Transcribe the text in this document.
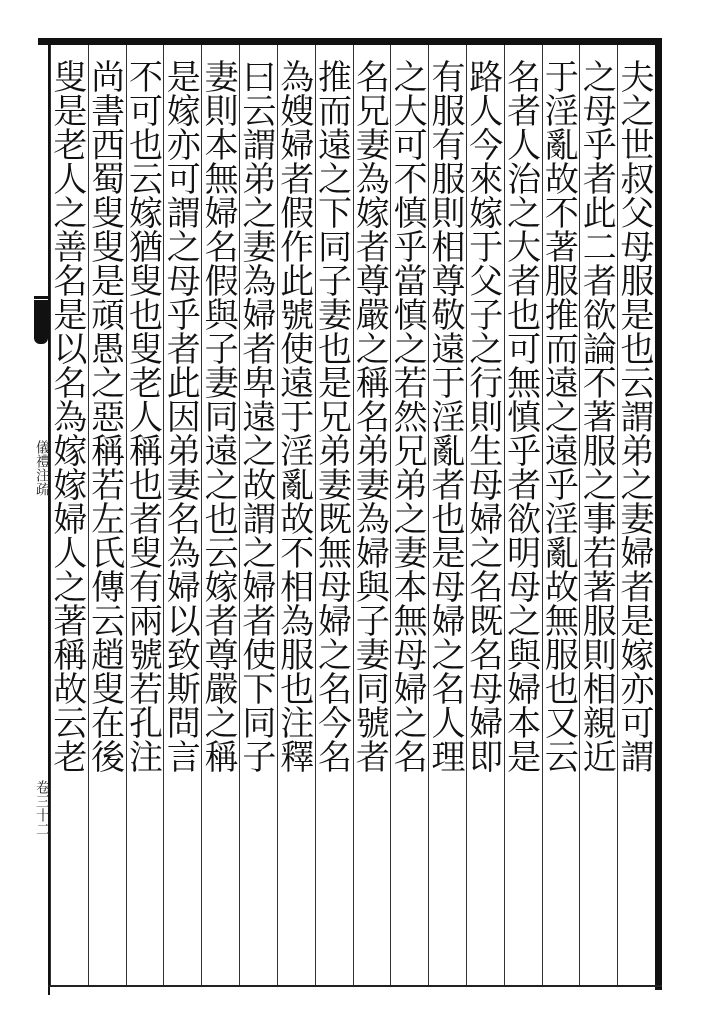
儀禮注疏
卷三十二
夫之世叔父母服是也云謂弟之妻婦者是嫁亦可謂
之母乎者此二者欲論不著服之事若著服則相親近
于淫亂故不著服推而遠之遠乎淫亂故無服也又云
名者人治之大者也可無慎乎者欲明母之與婦本是
路人今來嫁于父子之行則生母婦之名既名母婦即
有服有服則相尊敬遠于淫亂者也是母婦之名人理
之大可不慎乎當慎之若然兄弟之妻本無母婦之名
名兄妻為嫁者尊嚴之稱名弟妻為婦與子妻同號者
推而遠之下同子妻也是兄弟妻既無母婦之名今名
為嫂婦者假作此號使遠于淫亂故不相為服也注釋
曰云謂弟之妻為婦者卑遠之故謂之婦者使下同子
妻則本無婦名假與子妻同遠之也云嫁者尊嚴之稱
是嫁亦可謂之母乎者此因弟妻名為婦以致斯問言
不可也云嫁猶叟也叟老人稱也者叟有兩號若孔注
尚書西蜀叟叟是頑愚之惡稱若左氏傳云趙叟在後
叟是老人之善名是以名為嫁嫁婦人之著稱故云老
